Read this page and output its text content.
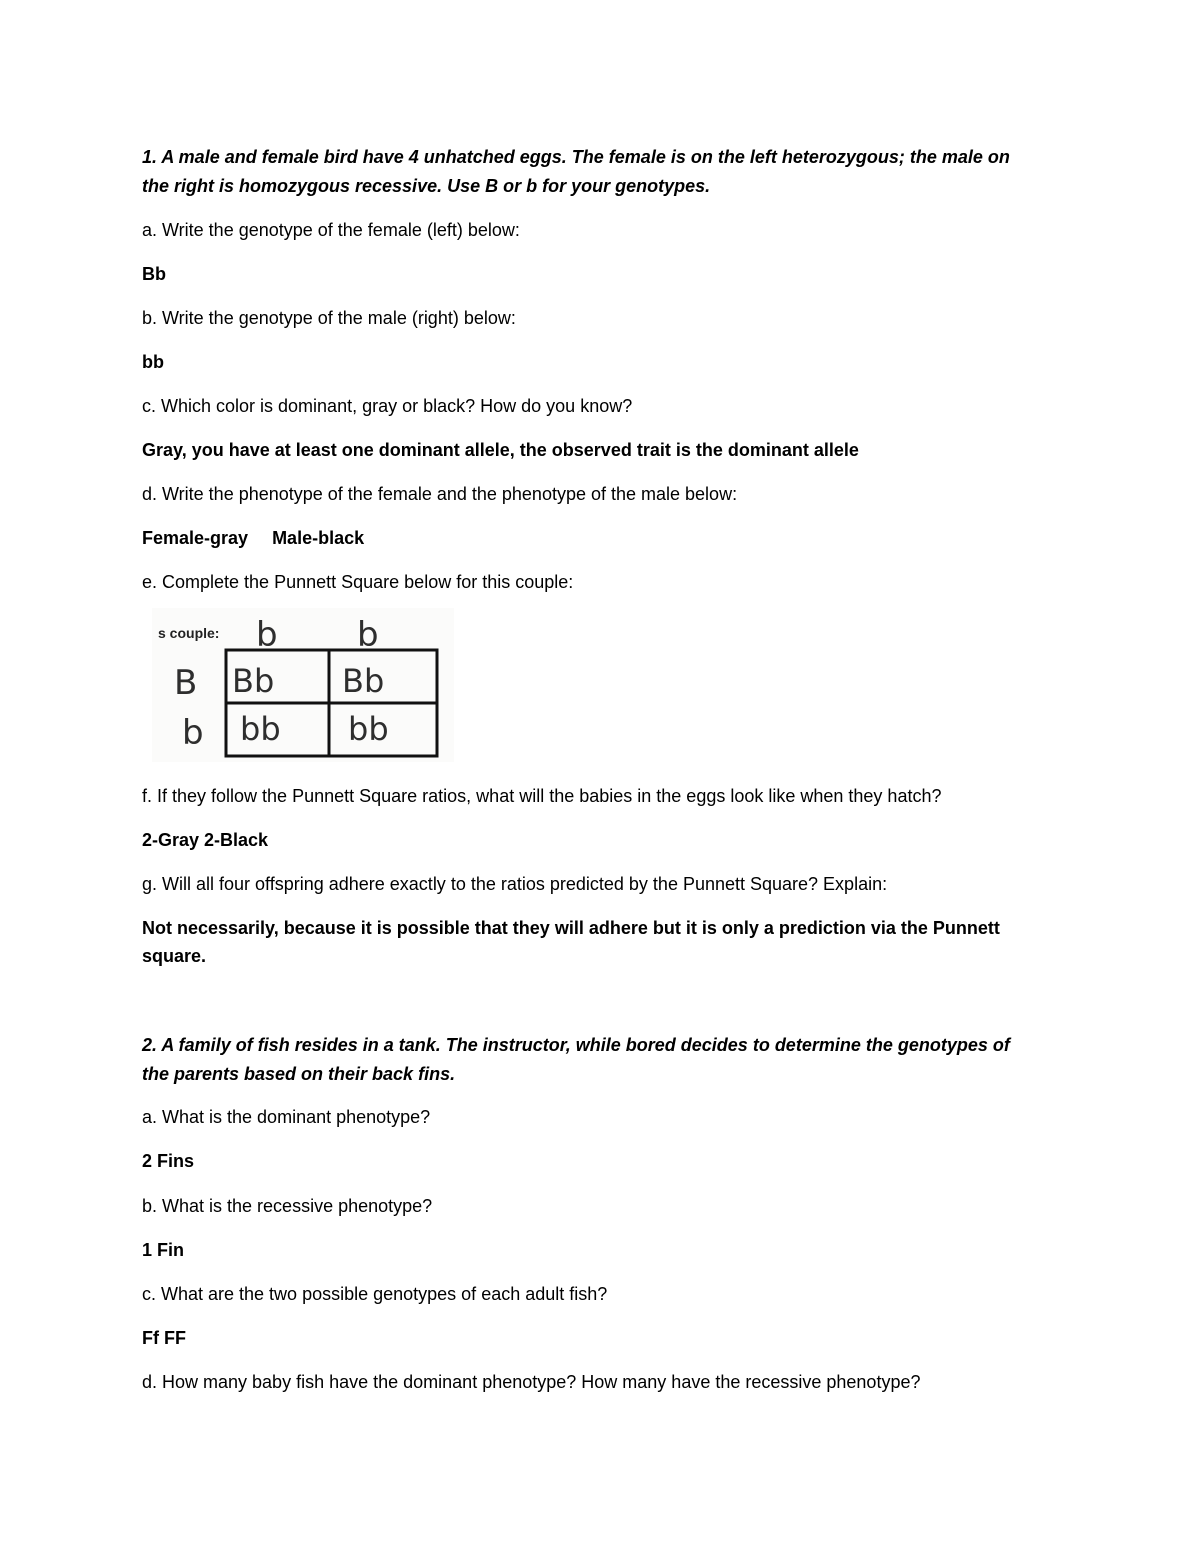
1. A male and female bird have 4 unhatched eggs. The female is on the left heterozygous; the male on

the right is homozygous recessive. Use B or b for your genotypes.

a. Write the genotype of the female (left) below:

Bb

b. Write the genotype of the male (right) below:

bb

c. Which color is dominant, gray or black? How do you know?

Gray, you have at least one dominant allele, the observed trait is the dominant allele

d. Write the phenotype of the female and the phenotype of the male below:

Female-gray Male-black

e. Complete the Punnett Square below for this couple:

s couple: b b
B
b
Bb Bb
bb bb

f. If they follow the Punnett Square ratios, what will the babies in the eggs look like when they hatch?

2-Gray 2-Black

g. Will all four offspring adhere exactly to the ratios predicted by the Punnett Square? Explain:

Not necessarily, because it is possible that they will adhere but it is only a prediction via the Punnett

square.

2. A family of fish resides in a tank. The instructor, while bored decides to determine the genotypes of

the parents based on their back fins.

a. What is the dominant phenotype?

2 Fins

b. What is the recessive phenotype?

1 Fin

c. What are the two possible genotypes of each adult fish?

Ff FF

d. How many baby fish have the dominant phenotype? How many have the recessive phenotype?
